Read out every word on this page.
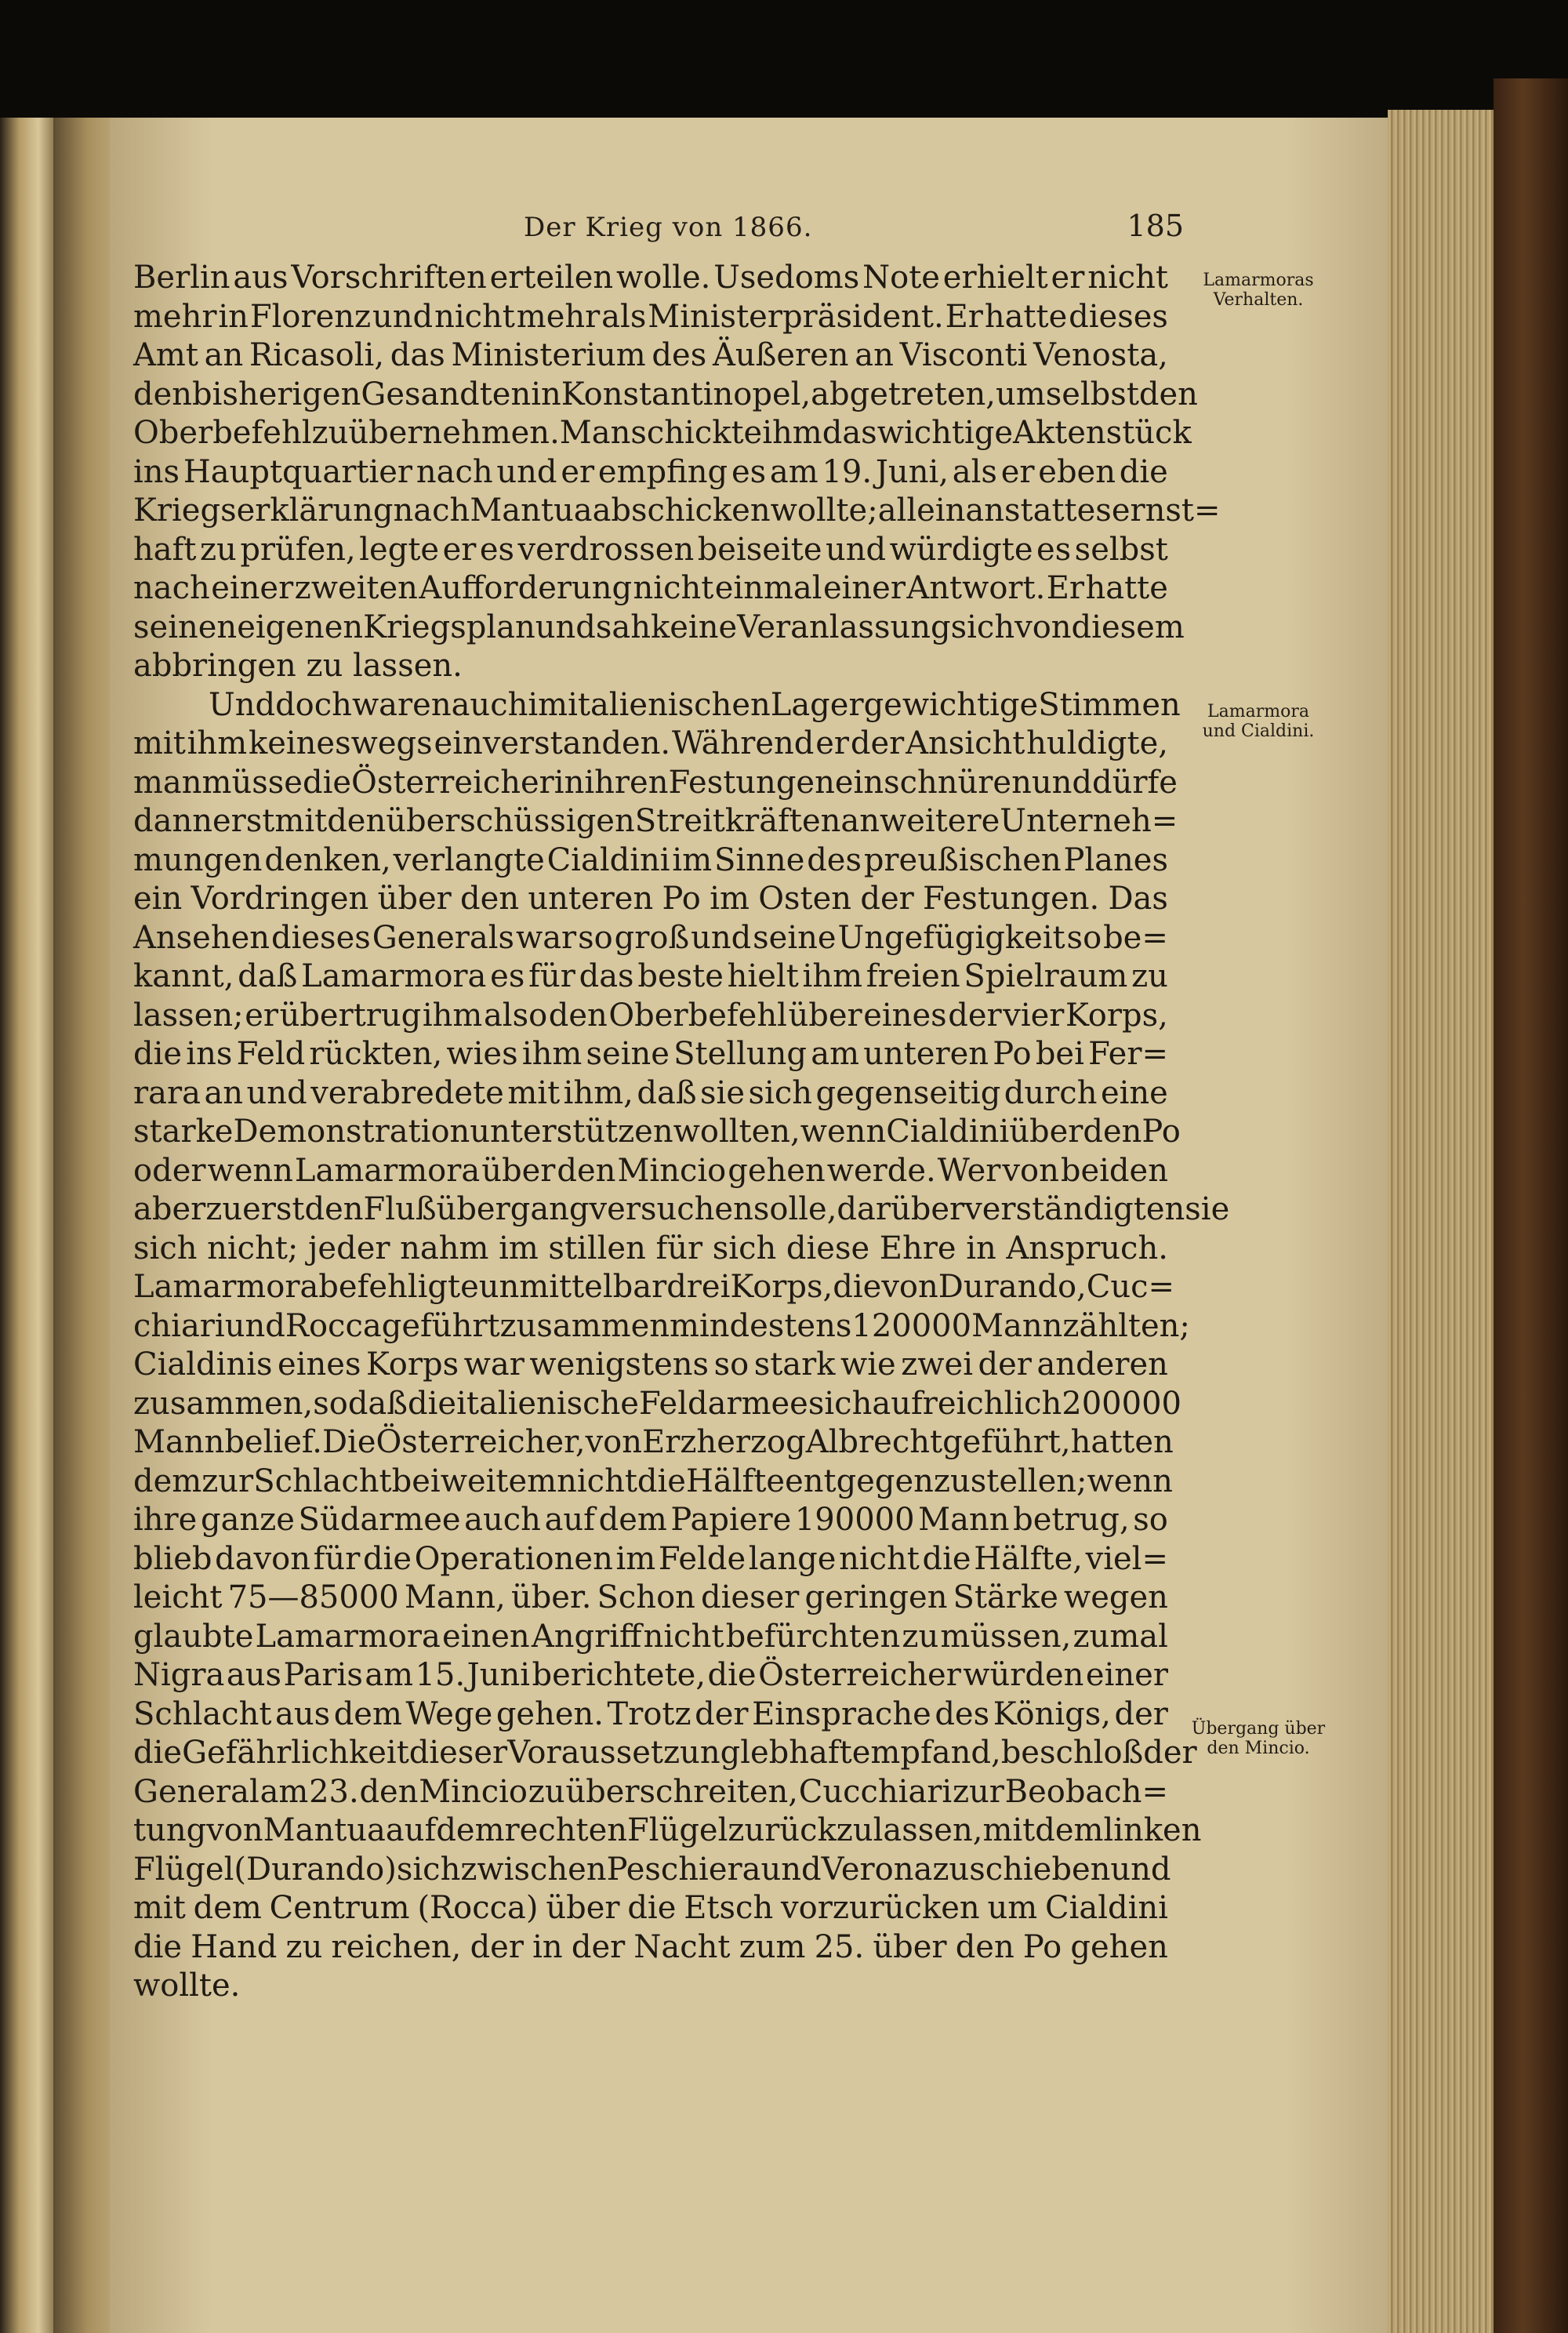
Der Krieg von 1866.	185
Berlin aus Vorschriften erteilen wolle. Usedoms Note erhielt er nicht
mehr in Florenz und nicht mehr als Ministerpräsident. Er hatte dieses
Amt an Ricasoli, das Ministerium des Äußeren an Visconti Venosta,
den bisherigen Gesandten in Konstantinopel, abgetreten, um selbst den
Oberbefehl zu übernehmen. Man schickte ihm das wichtige Aktenstück
ins Hauptquartier nach und er empfing es am 19. Juni, als er eben die
Kriegserklärung nach Mantua abschicken wollte; allein anstatt es ernst=
haft zu prüfen, legte er es verdrossen beiseite und würdigte es selbst
nach einer zweiten Aufforderung nicht einmal einer Antwort. Er hatte
seinen eigenen Kriegsplan und sah keine Veranlassung sich von diesem
abbringen zu lassen.
Und doch waren auch im italienischen Lager gewichtige Stimmen
mit ihm keineswegs einverstanden. Während er der Ansicht huldigte,
man müsse die Österreicher in ihren Festungen einschnüren und dürfe
dann erst mit den überschüssigen Streitkräften an weitere Unterneh=
mungen denken, verlangte Cialdini im Sinne des preußischen Planes
ein Vordringen über den unteren Po im Osten der Festungen. Das
Ansehen dieses Generals war so groß und seine Ungefügigkeit so be=
kannt, daß Lamarmora es für das beste hielt ihm freien Spielraum zu
lassen; er übertrug ihm also den Oberbefehl über eines der vier Korps,
die ins Feld rückten, wies ihm seine Stellung am unteren Po bei Fer=
rara an und verabredete mit ihm, daß sie sich gegenseitig durch eine
starke Demonstration unterstützen wollten, wenn Cialdini über den Po
oder wenn Lamarmora über den Mincio gehen werde. Wer von beiden
aber zuerst den Flußübergang versuchen solle, darüber verständigten sie
sich nicht; jeder nahm im stillen für sich diese Ehre in Anspruch.
Lamarmora befehligte unmittelbar drei Korps, die von Durando, Cuc=
chiari und Rocca geführt zusammen mindestens 120000 Mann zählten;
Cialdinis eines Korps war wenigstens so stark wie zwei der anderen
zusammen, sodaß die italienische Feldarmee sich auf reichlich 200000
Mann belief. Die Österreicher, von Erzherzog Albrecht geführt, hatten
dem zur Schlacht bei weitem nicht die Hälfte entgegenzustellen; wenn
ihre ganze Südarmee auch auf dem Papiere 190000 Mann betrug, so
blieb davon für die Operationen im Felde lange nicht die Hälfte, viel=
leicht 75—85000 Mann, über. Schon dieser geringen Stärke wegen
glaubte Lamarmora einen Angriff nicht befürchten zu müssen, zumal
Nigra aus Paris am 15. Juni berichtete, die Österreicher würden einer
Schlacht aus dem Wege gehen. Trotz der Einsprache des Königs, der
die Gefährlichkeit dieser Voraussetzung lebhaft empfand, beschloß der
General am 23. den Mincio zu überschreiten, Cucchiari zur Beobach=
tung von Mantua auf dem rechten Flügel zurückzulassen, mit dem linken
Flügel (Durando) sich zwischen Peschiera und Verona zu schieben und
mit dem Centrum (Rocca) über die Etsch vorzurücken um Cialdini
die Hand zu reichen, der in der Nacht zum 25. über den Po gehen
wollte.
Lamarmoras
Verhalten.
Lamarmora
und Cialdini.
Übergang über
den Mincio.
